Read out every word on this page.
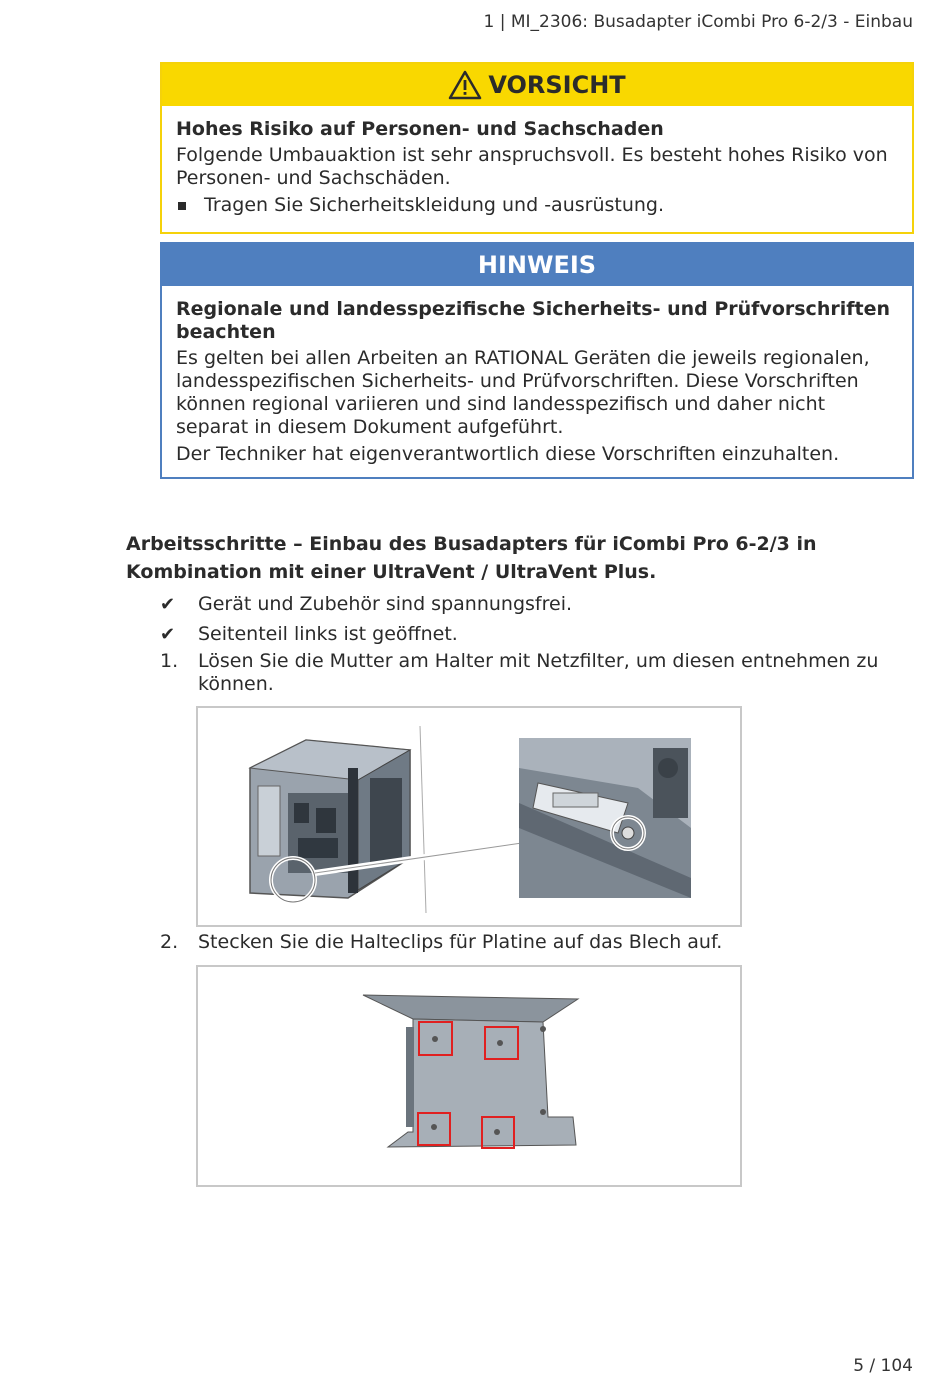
1 | MI_2306: Busadapter iCombi Pro 6-2/3 - Einbau
VORSICHT
Hohes Risiko auf Personen- und Sachschaden
Folgende Umbauaktion ist sehr anspruchsvoll. Es besteht hohes Risiko von Personen- und Sachschäden.
Tragen Sie Sicherheitskleidung und -ausrüstung.
HINWEIS
Regionale und landesspezifische Sicherheits- und Prüfvorschriften beachten
Es gelten bei allen Arbeiten an RATIONAL Geräten die jeweils regionalen, landesspezifischen Sicherheits- und Prüfvorschriften. Diese Vorschriften können regional variieren und sind landesspezifisch und daher nicht separat in diesem Dokument aufgeführt.
Der Techniker hat eigenverantwortlich diese Vorschriften einzuhalten.
Arbeitsschritte – Einbau des Busadapters für iCombi Pro 6-2/3 in Kombination mit einer UltraVent / UltraVent Plus.
✔	Gerät und Zubehör sind spannungsfrei.
✔	Seitenteil links ist geöffnet.
1.	Lösen Sie die Mutter am Halter mit Netzfilter, um diesen entnehmen zu können.
2.	Stecken Sie die Halteclips für Platine auf das Blech auf.
5 / 104
